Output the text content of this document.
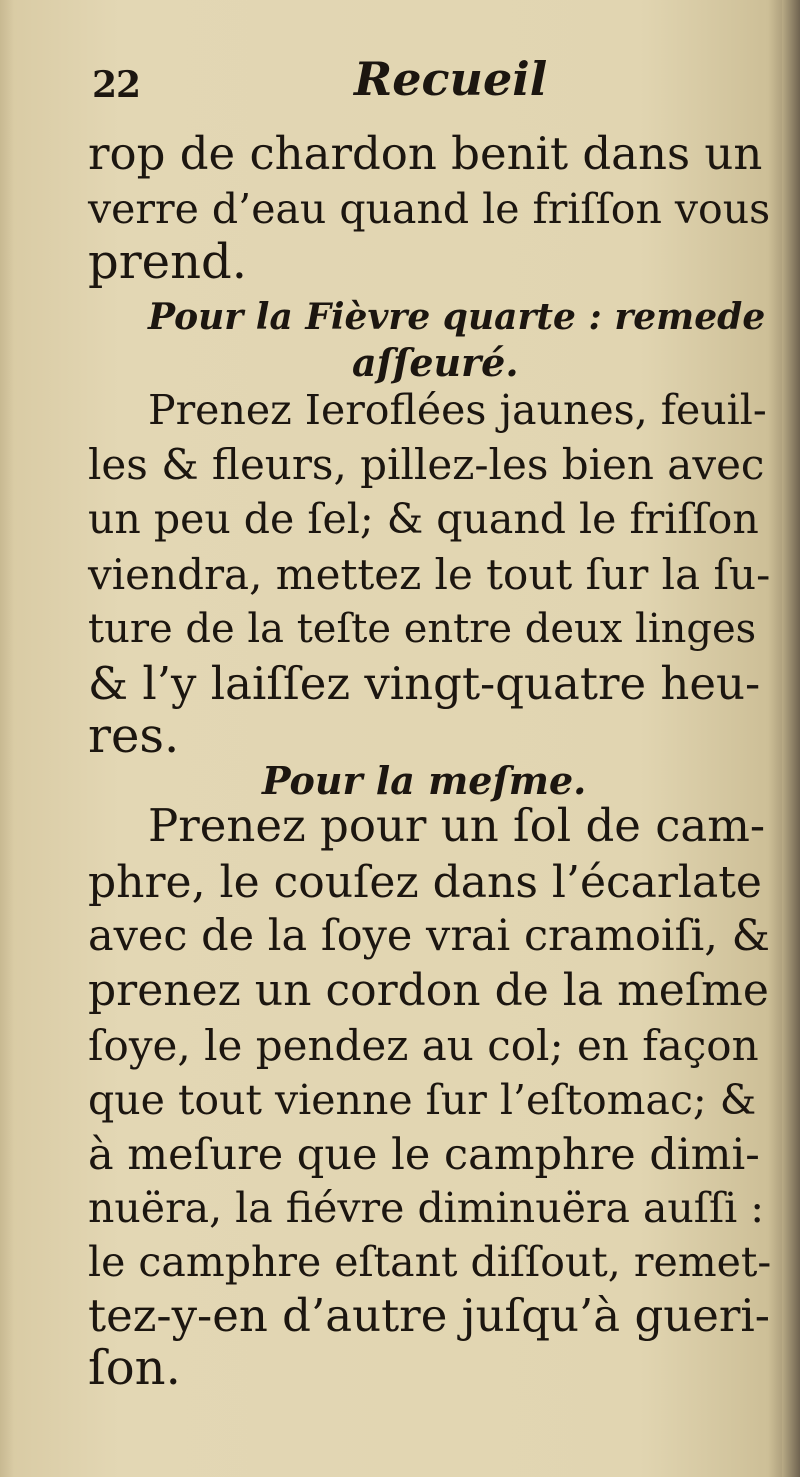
22	Recueil
rop de chardon benit dans un
verre d’eau quand le friſſon vous
prend.
Pour la Fièvre quarte : remede
aſſeuré.
Prenez Ieroflées jaunes, feuil-
les & fleurs, pillez-les bien avec
un peu de ſel; & quand le friſſon
viendra, mettez le tout ſur la ſu-
ture de la teſte entre deux linges
& l’y laiſſez vingt-quatre heu-
res.
Pour la meſme.
Prenez pour un ſol de cam-
phre, le couſez dans l’écarlate
avec de la ſoye vrai cramoiſi, &
prenez un cordon de la meſme
ſoye, le pendez au col; en façon
que tout vienne ſur l’eſtomac; &
à meſure que le camphre dimi-
nuëra, la fiévre diminuëra auſſi :
le camphre eſtant diſſout, remet-
tez-y-en d’autre juſqu’à gueri-
ſon.
